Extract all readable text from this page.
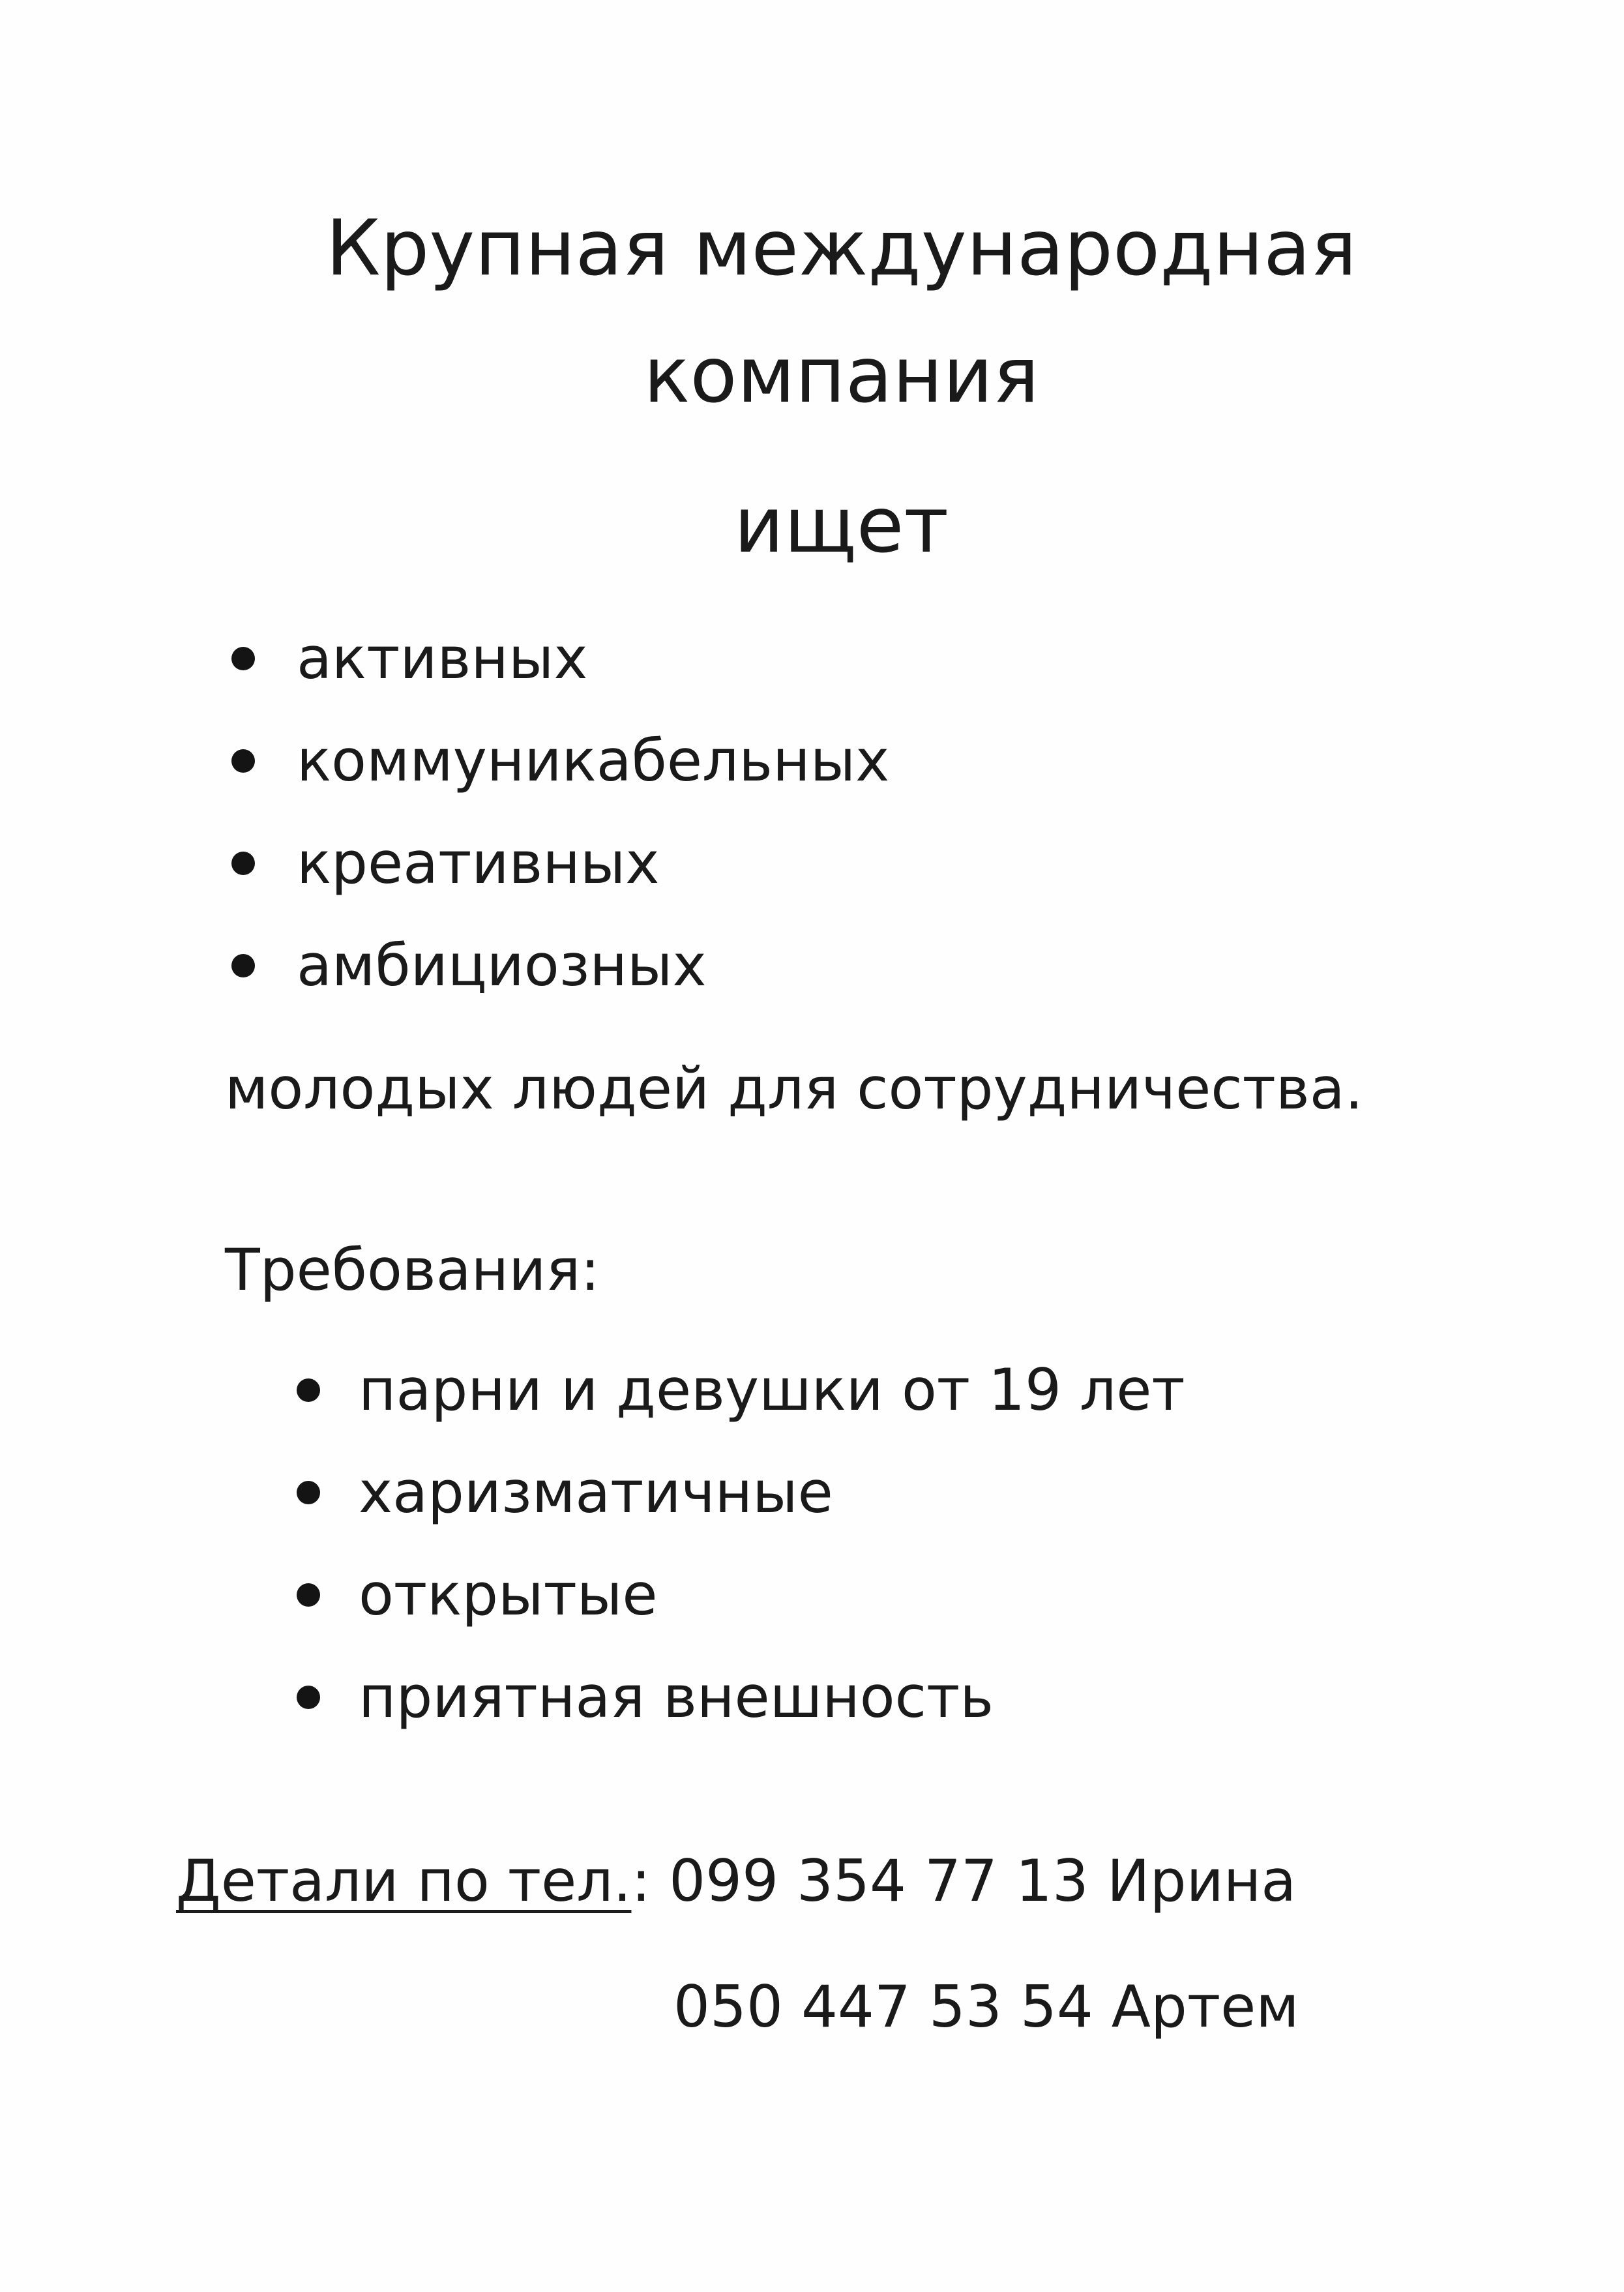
Крупная международная
компания
ищет
активных
коммуникабельных
креативных
амбициозных
молодых людей для сотрудничества.
Требования:
парни и девушки от 19 лет
харизматичные
открытые
приятная внешность
Детали по тел.: 099 354 77 13 Ирина
050 447 53 54 Артем
